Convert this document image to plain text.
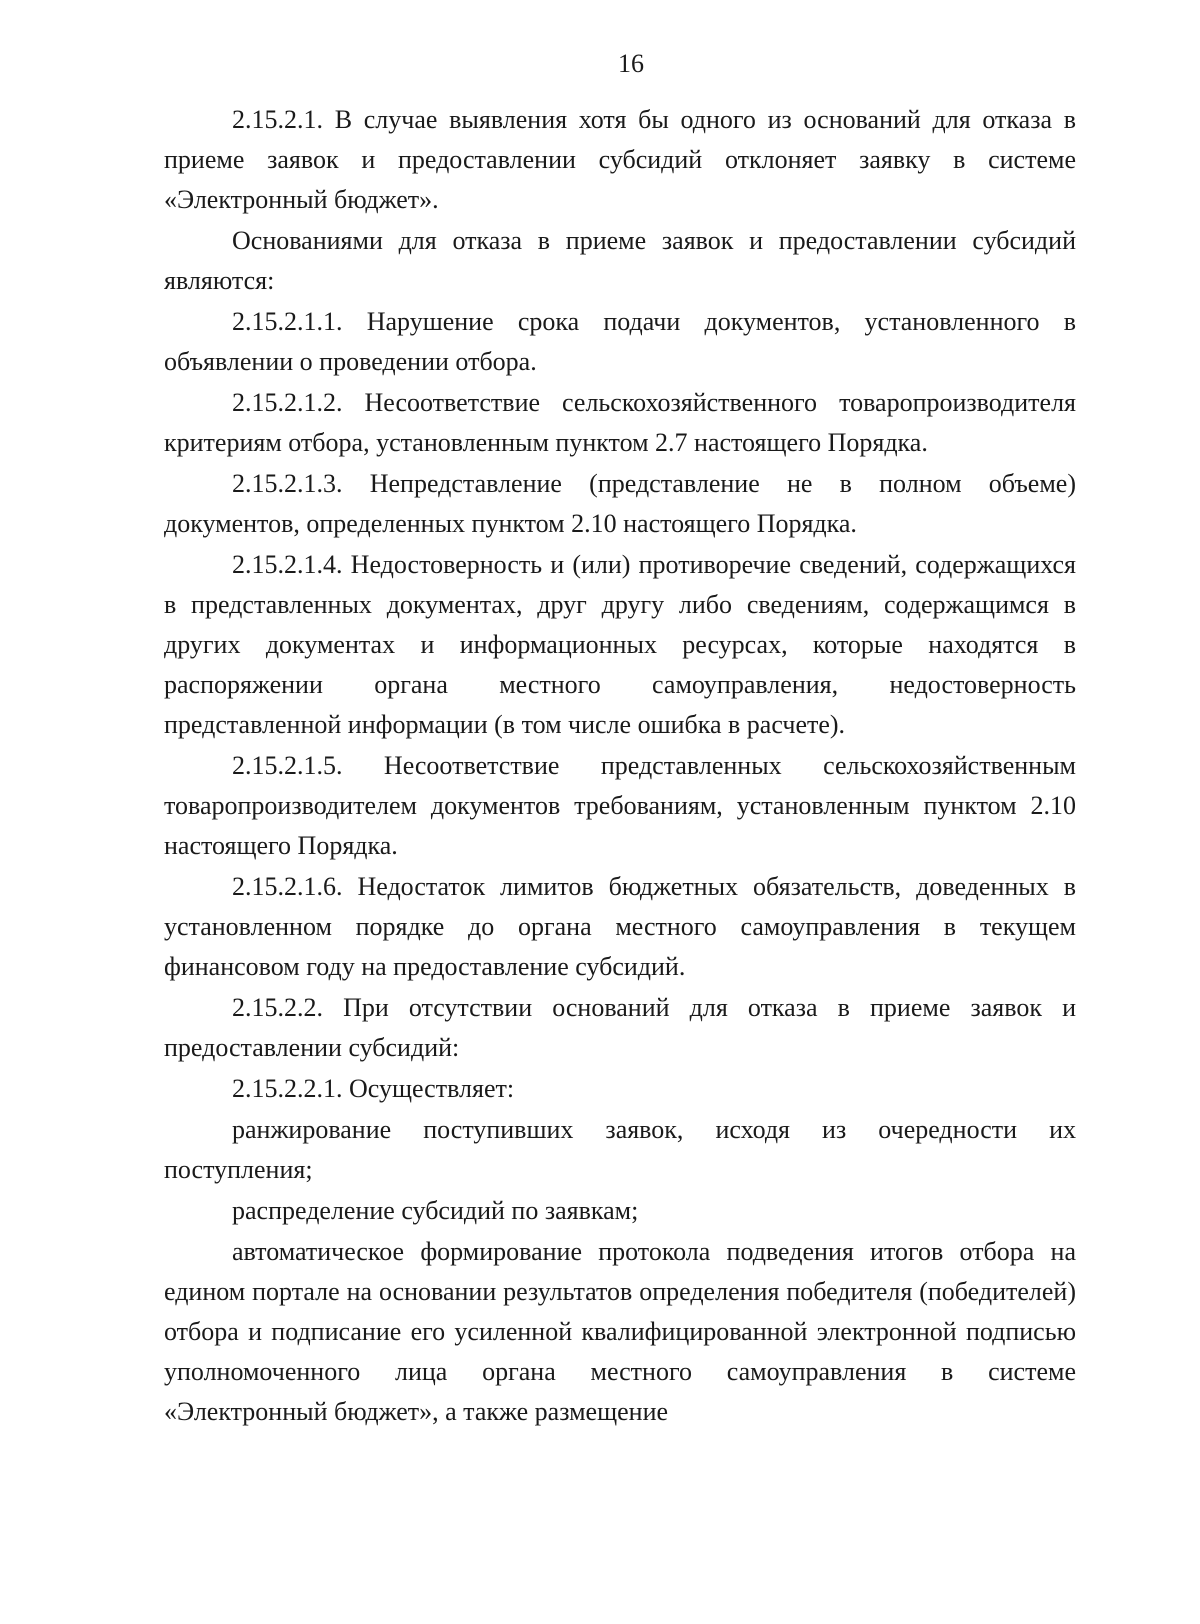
16

2.15.2.1. В случае выявления хотя бы одного из оснований для отказа в приеме заявок и предоставлении субсидий отклоняет заявку в системе «Электронный бюджет».

Основаниями для отказа в приеме заявок и предоставлении субсидий являются:

2.15.2.1.1. Нарушение срока подачи документов, установленного в объявлении о проведении отбора.

2.15.2.1.2. Несоответствие сельскохозяйственного товаропроизводителя критериям отбора, установленным пунктом 2.7 настоящего Порядка.

2.15.2.1.3. Непредставление (представление не в полном объеме) документов, определенных пунктом 2.10 настоящего Порядка.

2.15.2.1.4. Недостоверность и (или) противоречие сведений, содержащихся в представленных документах, друг другу либо сведениям, содержащимся в других документах и информационных ресурсах, которые находятся в распоряжении органа местного самоуправления, недостоверность представленной информации (в том числе ошибка в расчете).

2.15.2.1.5. Несоответствие представленных сельскохозяйственным товаропроизводителем документов требованиям, установленным пунктом 2.10 настоящего Порядка.

2.15.2.1.6. Недостаток лимитов бюджетных обязательств, доведенных в установленном порядке до органа местного самоуправления в текущем финансовом году на предоставление субсидий.

2.15.2.2. При отсутствии оснований для отказа в приеме заявок и предоставлении субсидий:

2.15.2.2.1. Осуществляет:

ранжирование поступивших заявок, исходя из очередности их поступления;

распределение субсидий по заявкам;

автоматическое формирование протокола подведения итогов отбора на едином портале на основании результатов определения победителя (победителей) отбора и подписание его усиленной квалифицированной электронной подписью уполномоченного лица органа местного самоуправления в системе «Электронный бюджет», а также размещение
